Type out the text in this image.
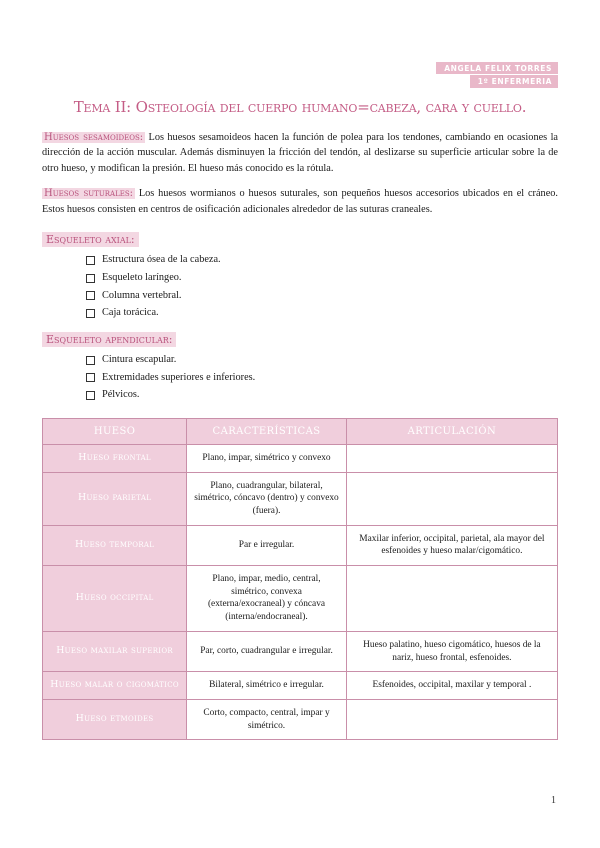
ANGELA FELIX TORRES
1º ENFERMERIA
Tema II: Osteología del cuerpo humano=cabeza, cara y cuello.

Huesos sesamoideos: Los huesos sesamoideos hacen la función de polea para los tendones, cambiando en ocasiones la dirección de la acción muscular. Además disminuyen la fricción del tendón, al deslizarse su superficie articular sobre la de otro hueso, y modifican la presión. El hueso más conocido es la rótula.

Huesos suturales: Los huesos wormianos o huesos suturales, son pequeños huesos accesorios ubicados en el cráneo. Estos huesos consisten en centros de osificación adicionales alrededor de las suturas craneales.

Esqueleto axial:
Estructura ósea de la cabeza.
Esqueleto laríngeo.
Columna vertebral.
Caja torácica.
Esqueleto apendicular:
Cintura escapular.
Extremidades superiores e inferiores.
Pélvicos.
HUESO	CARACTERÍSTICAS	ARTICULACIÓN
Hueso frontal	Plano, impar, simétrico y convexo	
Hueso parietal	Plano, cuadrangular, bilateral, simétrico, cóncavo (dentro) y convexo (fuera).	
Hueso temporal	Par e irregular.	Maxilar inferior, occipital, parietal, ala mayor del esfenoides y hueso malar/cigomático.
Hueso occipital	Plano, impar, medio, central, simétrico, convexa (externa/exocraneal) y cóncava (interna/endocraneal).	
Hueso maxilar superior	Par, corto, cuadrangular e irregular.	Hueso palatino, hueso cigomático, huesos de la nariz, hueso frontal, esfenoides.
Hueso malar o cigomático	Bilateral, simétrico e irregular.	Esfenoides, occipital, maxilar y temporal .
Hueso etmoides	Corto, compacto, central, impar y simétrico.	
1
